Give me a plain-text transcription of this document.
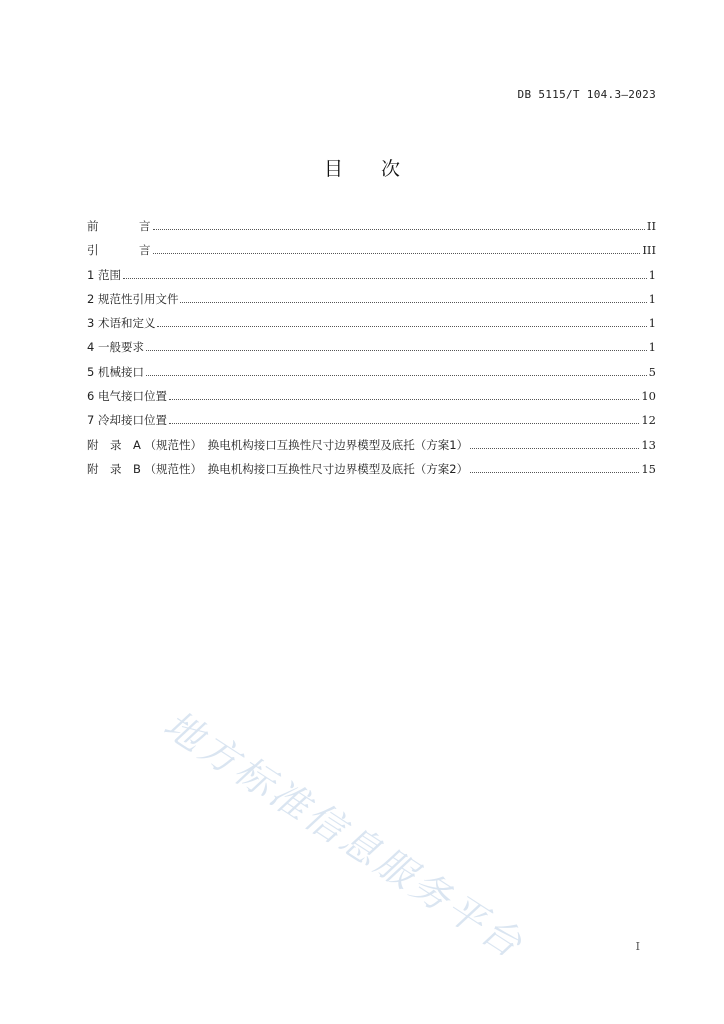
DB 5115/T 104.3—2023
目 次
前	言	II
引	言	III
1 范围	1
2 规范性引用文件	1
3 术语和定义	1
4 一般要求	1
5 机械接口	5
6 电气接口位置	10
7 冷却接口位置	12
附　录　A （规范性）　换电机构接口互换性尺寸边界模型及底托（方案1）	13
附　录　B （规范性）　换电机构接口互换性尺寸边界模型及底托（方案2）	15
地方标准信息服务平台	I
